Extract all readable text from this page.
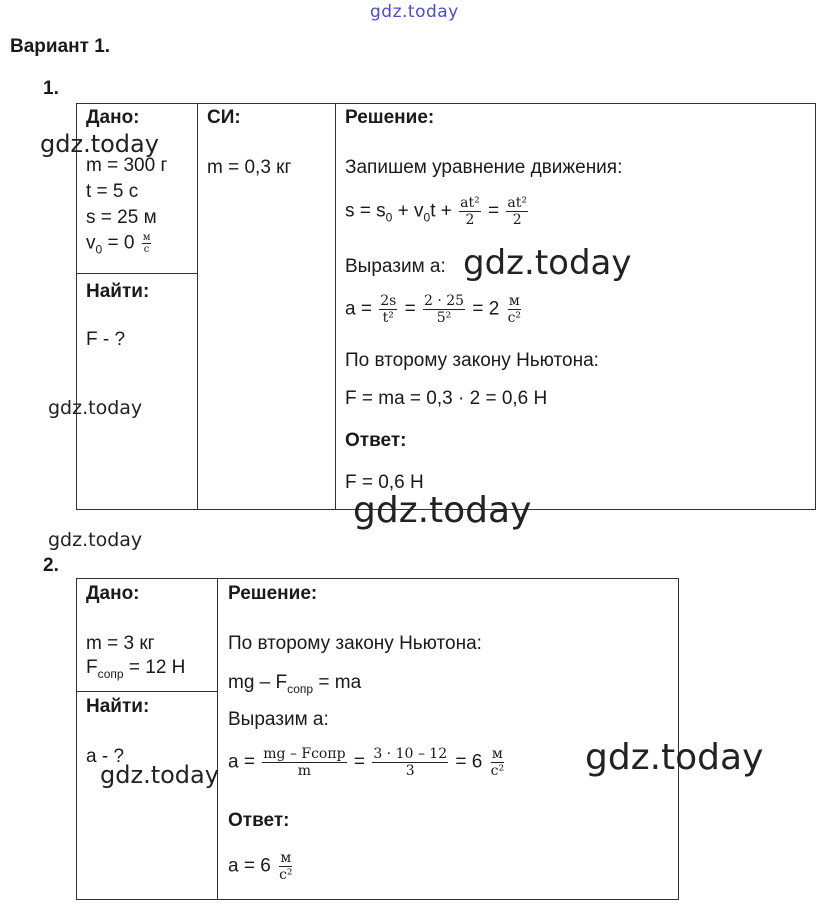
gdz.today
Вариант 1.
1.
Дано:
m = 300 г
t = 5 с
s = 25 м
$v_0 = 0 \frac{м}{с}$
Найти:
F - ?
СИ:
m = 0,3 кг
Решение:
Запишем уравнение движения:
$s = s_0 + v_0t + \frac{\text{at²}}{2} = \frac{\text{at²}}{2}$
Выразим a:
$a = \frac{2s}{\text{t²}} = \frac{2 \cdot 25}{\text{5²}} = 2 \frac{м}{\text{с²}}$
По второму закону Ньютона:
F = ma = 0,3 · 2 = 0,6 Н
Ответ:
F = 0,6 Н
gdz.today
gdz.today
gdz.today
gdz.today
gdz.today
2.
Дано:
m = 3 кг
$F_{сопр} = 12$ Н
Найти:
a - ?
Решение:
По второму закону Ньютона:
mg – $F_{сопр}$ = ma
Выразим a:
$a = \frac{\text{mg – Fсопр}}{m} = \frac{3 \cdot 10 - 12}{3} = 6 \frac{м}{\text{с²}}$
Ответ:
$a = 6 \frac{м}{\text{с²}}$
gdz.today
gdz.today
